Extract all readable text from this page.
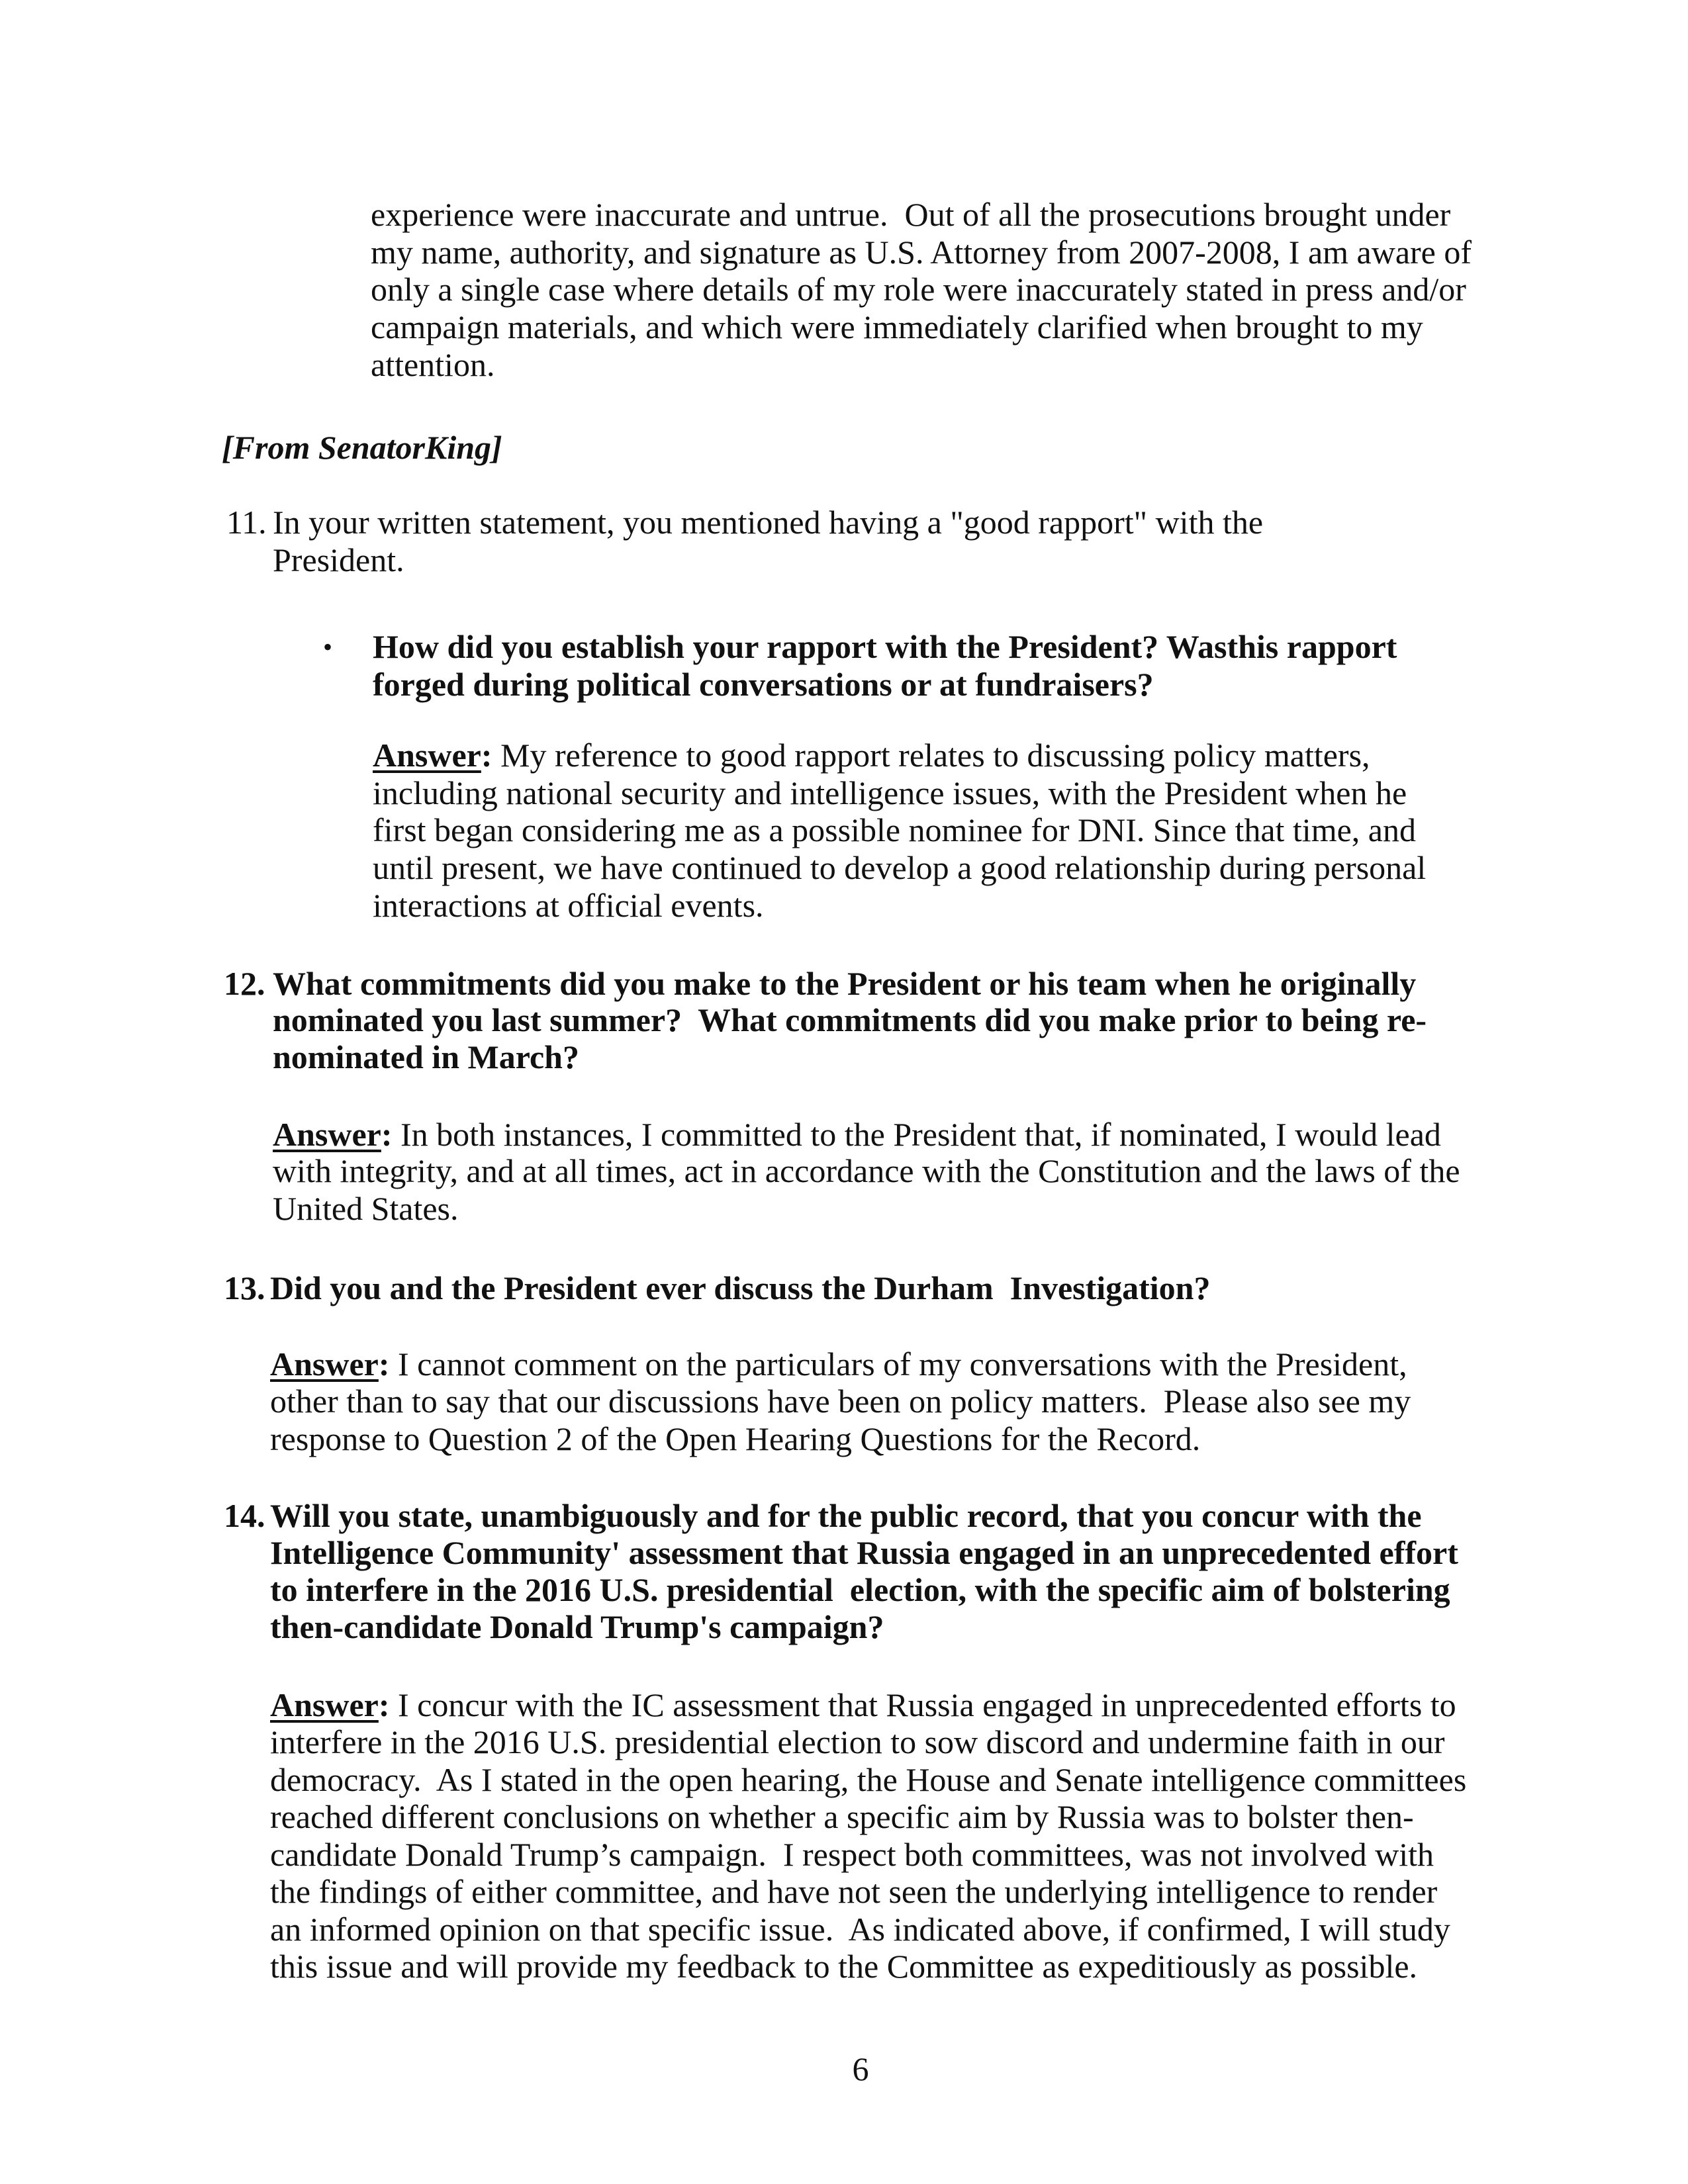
experience were inaccurate and untrue.  Out of all the prosecutions brought under
my name, authority, and signature as U.S. Attorney from 2007-2008, I am aware of
only a single case where details of my role were inaccurately stated in press and/or
campaign materials, and which were immediately clarified when brought to my
attention.
[From SenatorKing]
11. In your written statement, you mentioned having a "good rapport" with the
President.
• How did you establish your rapport with the President? Wasthis rapport
forged during political conversations or at fundraisers?
Answer: My reference to good rapport relates to discussing policy matters,
including national security and intelligence issues, with the President when he
first began considering me as a possible nominee for DNI. Since that time, and
until present, we have continued to develop a good relationship during personal
interactions at official events.
12. What commitments did you make to the President or his team when he originally
nominated you last summer?  What commitments did you make prior to being re-
nominated in March?
Answer: In both instances, I committed to the President that, if nominated, I would lead
with integrity, and at all times, act in accordance with the Constitution and the laws of the
United States.
13. Did you and the President ever discuss the Durham  Investigation?
Answer: I cannot comment on the particulars of my conversations with the President,
other than to say that our discussions have been on policy matters.  Please also see my
response to Question 2 of the Open Hearing Questions for the Record.
14. Will you state, unambiguously and for the public record, that you concur with the
Intelligence Community' assessment that Russia engaged in an unprecedented effort
to interfere in the 2016 U.S. presidential  election, with the specific aim of bolstering
then-candidate Donald Trump's campaign?
Answer: I concur with the IC assessment that Russia engaged in unprecedented efforts to
interfere in the 2016 U.S. presidential election to sow discord and undermine faith in our
democracy.  As I stated in the open hearing, the House and Senate intelligence committees
reached different conclusions on whether a specific aim by Russia was to bolster then-
candidate Donald Trump’s campaign.  I respect both committees, was not involved with
the findings of either committee, and have not seen the underlying intelligence to render
an informed opinion on that specific issue.  As indicated above, if confirmed, I will study
this issue and will provide my feedback to the Committee as expeditiously as possible.
6
